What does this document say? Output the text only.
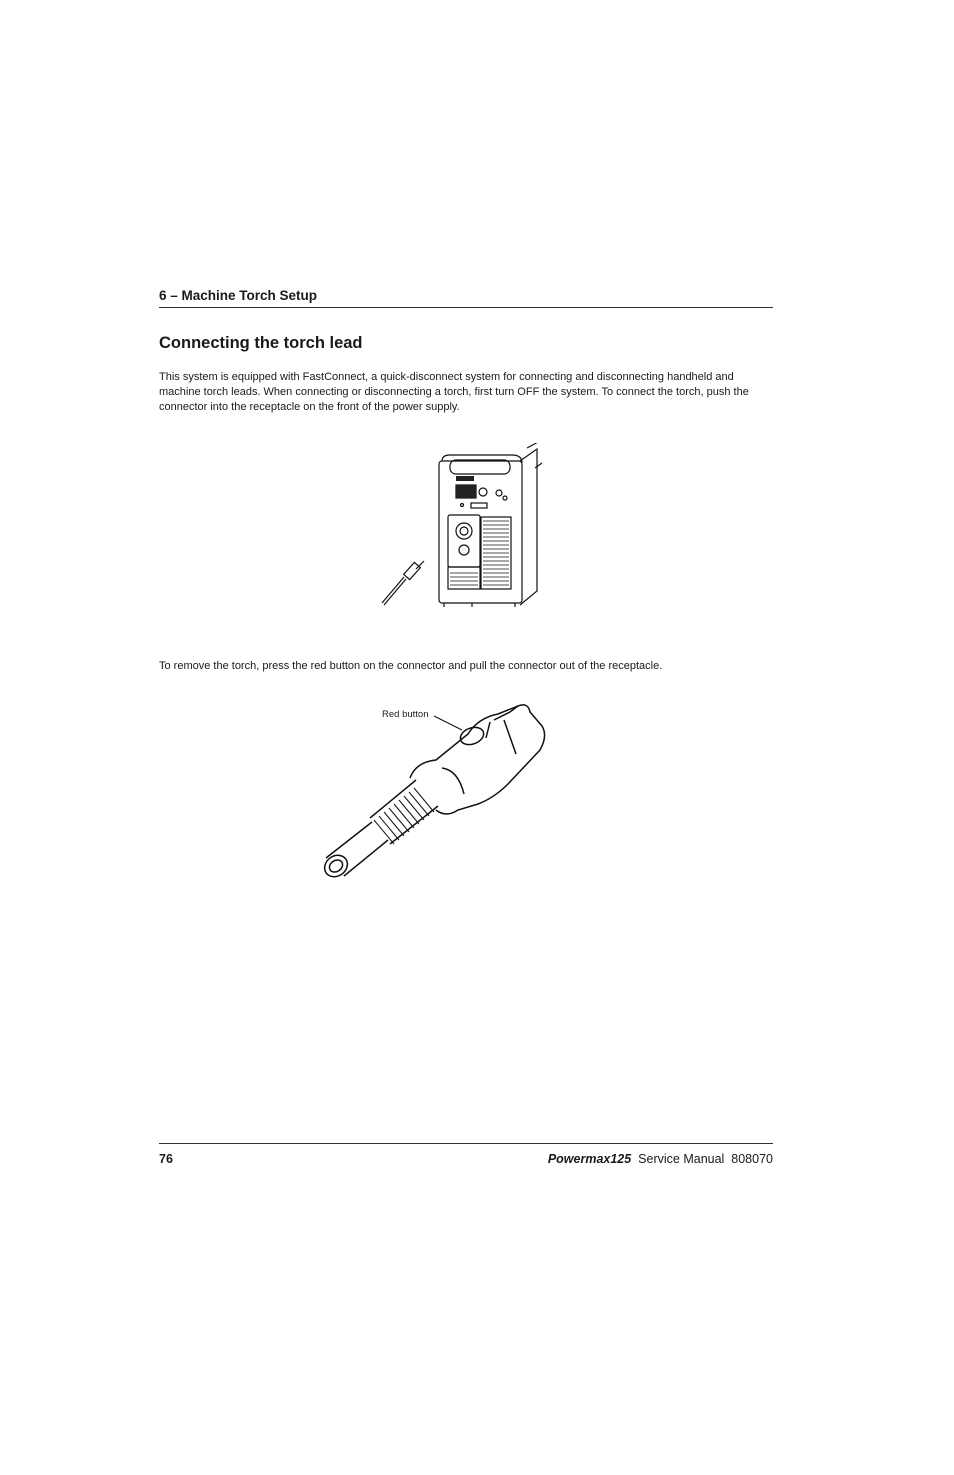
6 – Machine Torch Setup
Connecting the torch lead

This system is equipped with FastConnect, a quick-disconnect system for connecting and disconnecting handheld and machine torch leads. When connecting or disconnecting a torch, first turn OFF the system. To connect the torch, push the connector into the receptacle on the front of the power supply.

To remove the torch, press the red button on the connector and pull the connector out of the receptacle.

Red button
76	Powermax125 Service Manual 808070
